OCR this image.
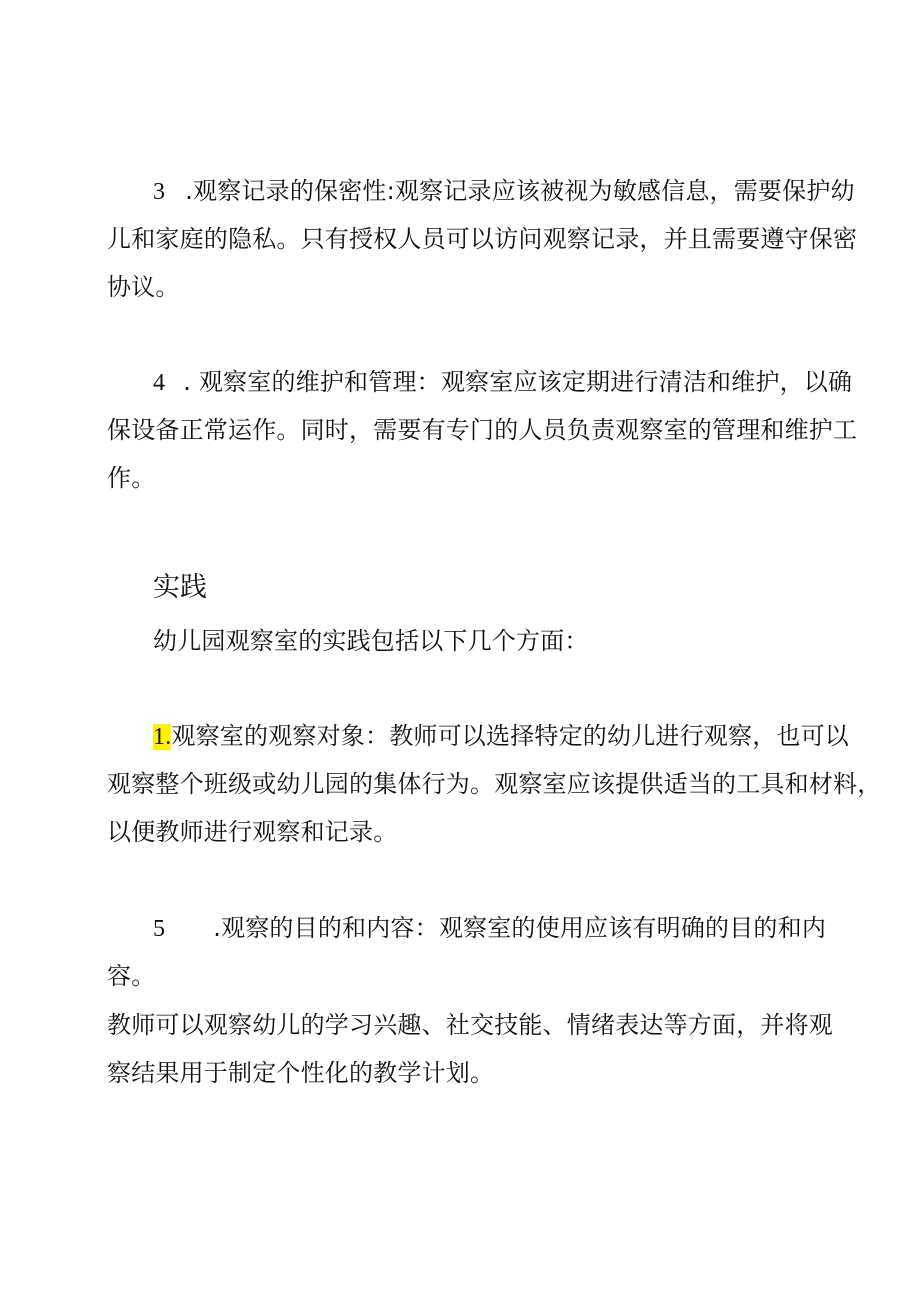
3 .观察记录的保密性:观察记录应该被视为敏感信息，需要保护幼
儿和家庭的隐私。只有授权人员可以访问观察记录，并且需要遵守保密
协议。
4 . 观察室的维护和管理：观察室应该定期进行清洁和维护，以确
保设备正常运作。同时，需要有专门的人员负责观察室的管理和维护工
作。
实践
幼儿园观察室的实践包括以下几个方面：
1.观察室的观察对象：教师可以选择特定的幼儿进行观察，也可以
观察整个班级或幼儿园的集体行为。观察室应该提供适当的工具和材料，
以便教师进行观察和记录。
5 .观察的目的和内容：观察室的使用应该有明确的目的和内
容。
教师可以观察幼儿的学习兴趣、社交技能、情绪表达等方面，并将观
察结果用于制定个性化的教学计划。
